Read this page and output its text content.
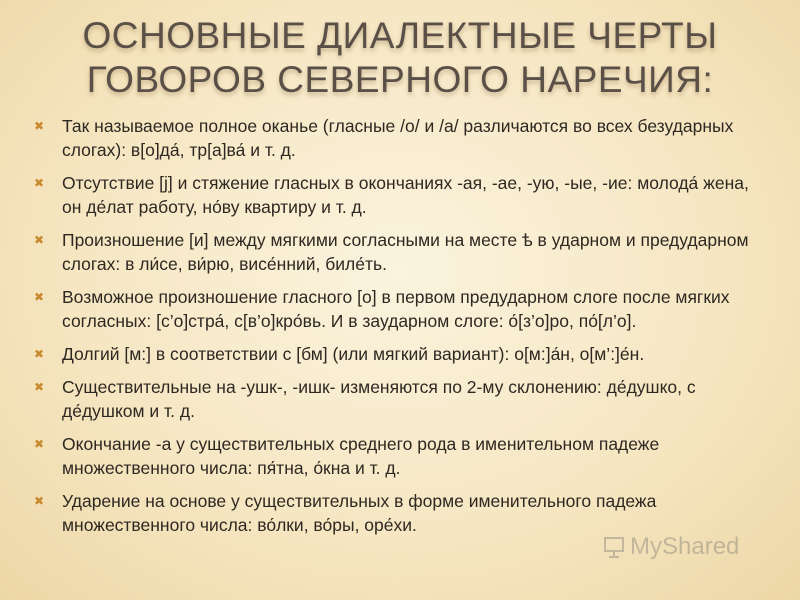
ОСНОВНЫЕ ДИАЛЕКТНЫЕ ЧЕРТЫ
ГОВОРОВ СЕВЕРНОГО НАРЕЧИЯ:
✖ Так называемое полное оканье (гласные /о/ и /а/ различаются во всех безударных слогах): в[о]да́, тр[а]ва́ и т. д.
✖ Отсутствие [j] и стяжение гласных в окончаниях -ая, -ае, -ую, -ые, -ие: молода́ жена, он де́лат работу, но́ву квартиру и т. д.
✖ Произношение [и] между мягкими согласными на месте ѣ в ударном и предударном слогах: в ли́се, ви́рю, висе́нний, биле́ть.
✖ Возможное произношение гласного [о] в первом предударном слоге после мягких согласных: [с’о]стра́, с[в’о]кро́вь. И в заударном слоге: о́[з’о]ро, по́[л’о].
✖ Долгий [м:] в соответствии с [бм] (или мягкий вариант): о[м:]а́н, о[м’:]е́н.
✖ Существительные на -ушк-, -ишк- изменяются по 2-му склонению: де́душко, с де́душком и т. д.
✖ Окончание -а у существительных среднего рода в именительном падеже множественного числа: пя́тна, о́кна и т. д.
✖ Ударение на основе у существительных в форме именительного падежа множественного числа: во́лки, во́ры, оре́хи.
MyShared
